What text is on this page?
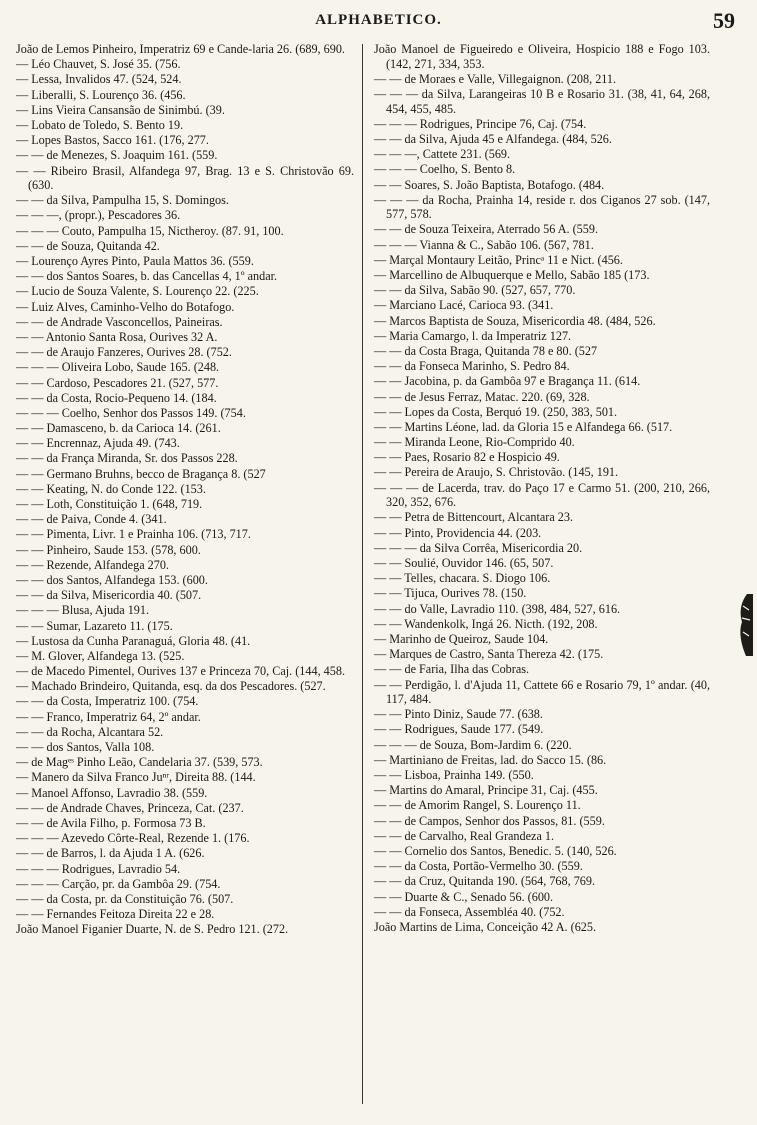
ALPHABETICO.	59
João de Lemos Pinheiro, Imperatriz 69 e Cande-laria 26. (689, 690.
— Léo Chauvet, S. José 35. (756.
— Lessa, Invalidos 47. (524, 524.
— Liberalli, S. Lourenço 36. (456.
— Lins Vieira Cansansão de Sinimbú. (39.
— Lobato de Toledo, S. Bento 19.
— Lopes Bastos, Sacco 161. (176, 277.
— — de Menezes, S. Joaquim 161. (559.
— — Ribeiro Brasil, Alfandega 97, Brag. 13 e S. Christovão 69. (630.
— — da Silva, Pampulha 15, S. Domingos.
— — —, (propr.), Pescadores 36.
— — — Couto, Pampulha 15, Nictheroy. (87. 91, 100.
— — de Souza, Quitanda 42.
— Lourenço Ayres Pinto, Paula Mattos 36. (559.
— — dos Santos Soares, b. das Cancellas 4, 1º andar.
— Lucio de Souza Valente, S. Lourenço 22. (225.
— Luiz Alves, Caminho-Velho do Botafogo.
— — de Andrade Vasconcellos, Paineiras.
— — Antonio Santa Rosa, Ourives 32 A.
— — de Araujo Fanzeres, Ourives 28. (752.
— — — Oliveira Lobo, Saude 165. (248.
— — Cardoso, Pescadores 21. (527, 577.
— — da Costa, Rocio-Pequeno 14. (184.
— — — Coelho, Senhor dos Passos 149. (754.
— — Damasceno, b. da Carioca 14. (261.
— — Encrennaz, Ajuda 49. (743.
— — da França Miranda, Sr. dos Passos 228.
— — Germano Bruhns, becco de Bragança 8. (527
— — Keating, N. do Conde 122. (153.
— — Loth, Constituição 1. (648, 719.
— — de Paiva, Conde 4. (341.
— — Pimenta, Livr. 1 e Prainha 106. (713, 717.
— — Pinheiro, Saude 153. (578, 600.
— — Rezende, Alfandega 270.
— — dos Santos, Alfandega 153. (600.
— — da Silva, Misericordia 40. (507.
— — — Blusa, Ajuda 191.
— — Sumar, Lazareto 11. (175.
— Lustosa da Cunha Paranaguá, Gloria 48. (41.
— M. Glover, Alfandega 13. (525.
— de Macedo Pimentel, Ourives 137 e Princeza 70, Caj. (144, 458.
— Machado Brindeiro, Quitanda, esq. da dos Pescadores. (527.
— — da Costa, Imperatriz 100. (754.
— — Franco, Imperatriz 64, 2º andar.
— — da Rocha, Alcantara 52.
— — dos Santos, Valla 108.
— de Magᵉˢ Pinho Leão, Candelaria 37. (539, 573.
— Manero da Silva Franco Juⁿʳ, Direita 88. (144.
— Manoel Affonso, Lavradio 38. (559.
— — de Andrade Chaves, Princeza, Cat. (237.
— — de Avila Filho, p. Formosa 73 B.
— — — Azevedo Côrte-Real, Rezende 1. (176.
— — de Barros, l. da Ajuda 1 A. (626.
— — — Rodrigues, Lavradio 54.
— — — Carção, pr. da Gambôa 29. (754.
— — da Costa, pr. da Constituição 76. (507.
— — Fernandes Feitoza Direita 22 e 28.
João Manoel Figanier Duarte, N. de S. Pedro 121. (272.
João Manoel de Figueiredo e Oliveira, Hospicio 188 e Fogo 103. (142, 271, 334, 353.
— — de Moraes e Valle, Villegaignon. (208, 211.
— — — da Silva, Larangeiras 10 B e Rosario 31. (38, 41, 64, 268, 454, 455, 485.
— — — Rodrigues, Principe 76, Caj. (754.
— — da Silva, Ajuda 45 e Alfandega. (484, 526.
— — —, Cattete 231. (569.
— — — Coelho, S. Bento 8.
— — Soares, S. João Baptista, Botafogo. (484.
— — — da Rocha, Prainha 14, reside r. dos Ciganos 27 sob. (147, 577, 578.
— — de Souza Teixeira, Aterrado 56 A. (559.
— — — Vianna & C., Sabão 106. (567, 781.
— Marçal Montaury Leitão, Princᵃ 11 e Nict. (456.
— Marcellino de Albuquerque e Mello, Sabão 185 (173.
— — da Silva, Sabão 90. (527, 657, 770.
— Marciano Lacé, Carioca 93. (341.
— Marcos Baptista de Souza, Misericordia 48. (484, 526.
— Maria Camargo, l. da Imperatriz 127.
— — da Costa Braga, Quitanda 78 e 80. (527
— — da Fonseca Marinho, S. Pedro 84.
— — Jacobina, p. da Gambôa 97 e Bragança 11. (614.
— — de Jesus Ferraz, Matac. 220. (69, 328.
— — Lopes da Costa, Berquó 19. (250, 383, 501.
— — Martins Léone, lad. da Gloria 15 e Alfandega 66. (517.
— — Miranda Leone, Rio-Comprido 40.
— — Paes, Rosario 82 e Hospicio 49.
— — Pereira de Araujo, S. Christovão. (145, 191.
— — — de Lacerda, trav. do Paço 17 e Carmo 51. (200, 210, 266, 320, 352, 676.
— — Petra de Bittencourt, Alcantara 23.
— — Pinto, Providencia 44. (203.
— — — da Silva Corrêa, Misericordia 20.
— — Soulié, Ouvidor 146. (65, 507.
— — Telles, chacara. S. Diogo 106.
— — Tijuca, Ourives 78. (150.
— — do Valle, Lavradio 110. (398, 484, 527, 616.
— — Wandenkolk, Ingá 26. Nicth. (192, 208.
— Marinho de Queiroz, Saude 104.
— Marques de Castro, Santa Thereza 42. (175.
— — de Faria, Ilha das Cobras.
— — Perdigão, l. d'Ajuda 11, Cattete 66 e Rosario 79, 1º andar. (40, 117, 484.
— — Pinto Diniz, Saude 77. (638.
— — Rodrigues, Saude 177. (549.
— — — de Souza, Bom-Jardim 6. (220.
— Martiniano de Freitas, lad. do Sacco 15. (86.
— — Lisboa, Prainha 149. (550.
— Martins do Amaral, Principe 31, Caj. (455.
— — de Amorim Rangel, S. Lourenço 11.
— — de Campos, Senhor dos Passos, 81. (559.
— — de Carvalho, Real Grandeza 1.
— — Cornelio dos Santos, Benedic. 5. (140, 526.
— — da Costa, Portão-Vermelho 30. (559.
— — da Cruz, Quitanda 190. (564, 768, 769.
— — Duarte & C., Senado 56. (600.
— — da Fonseca, Assembléa 40. (752.
João Martins de Lima, Conceição 42 A. (625.
